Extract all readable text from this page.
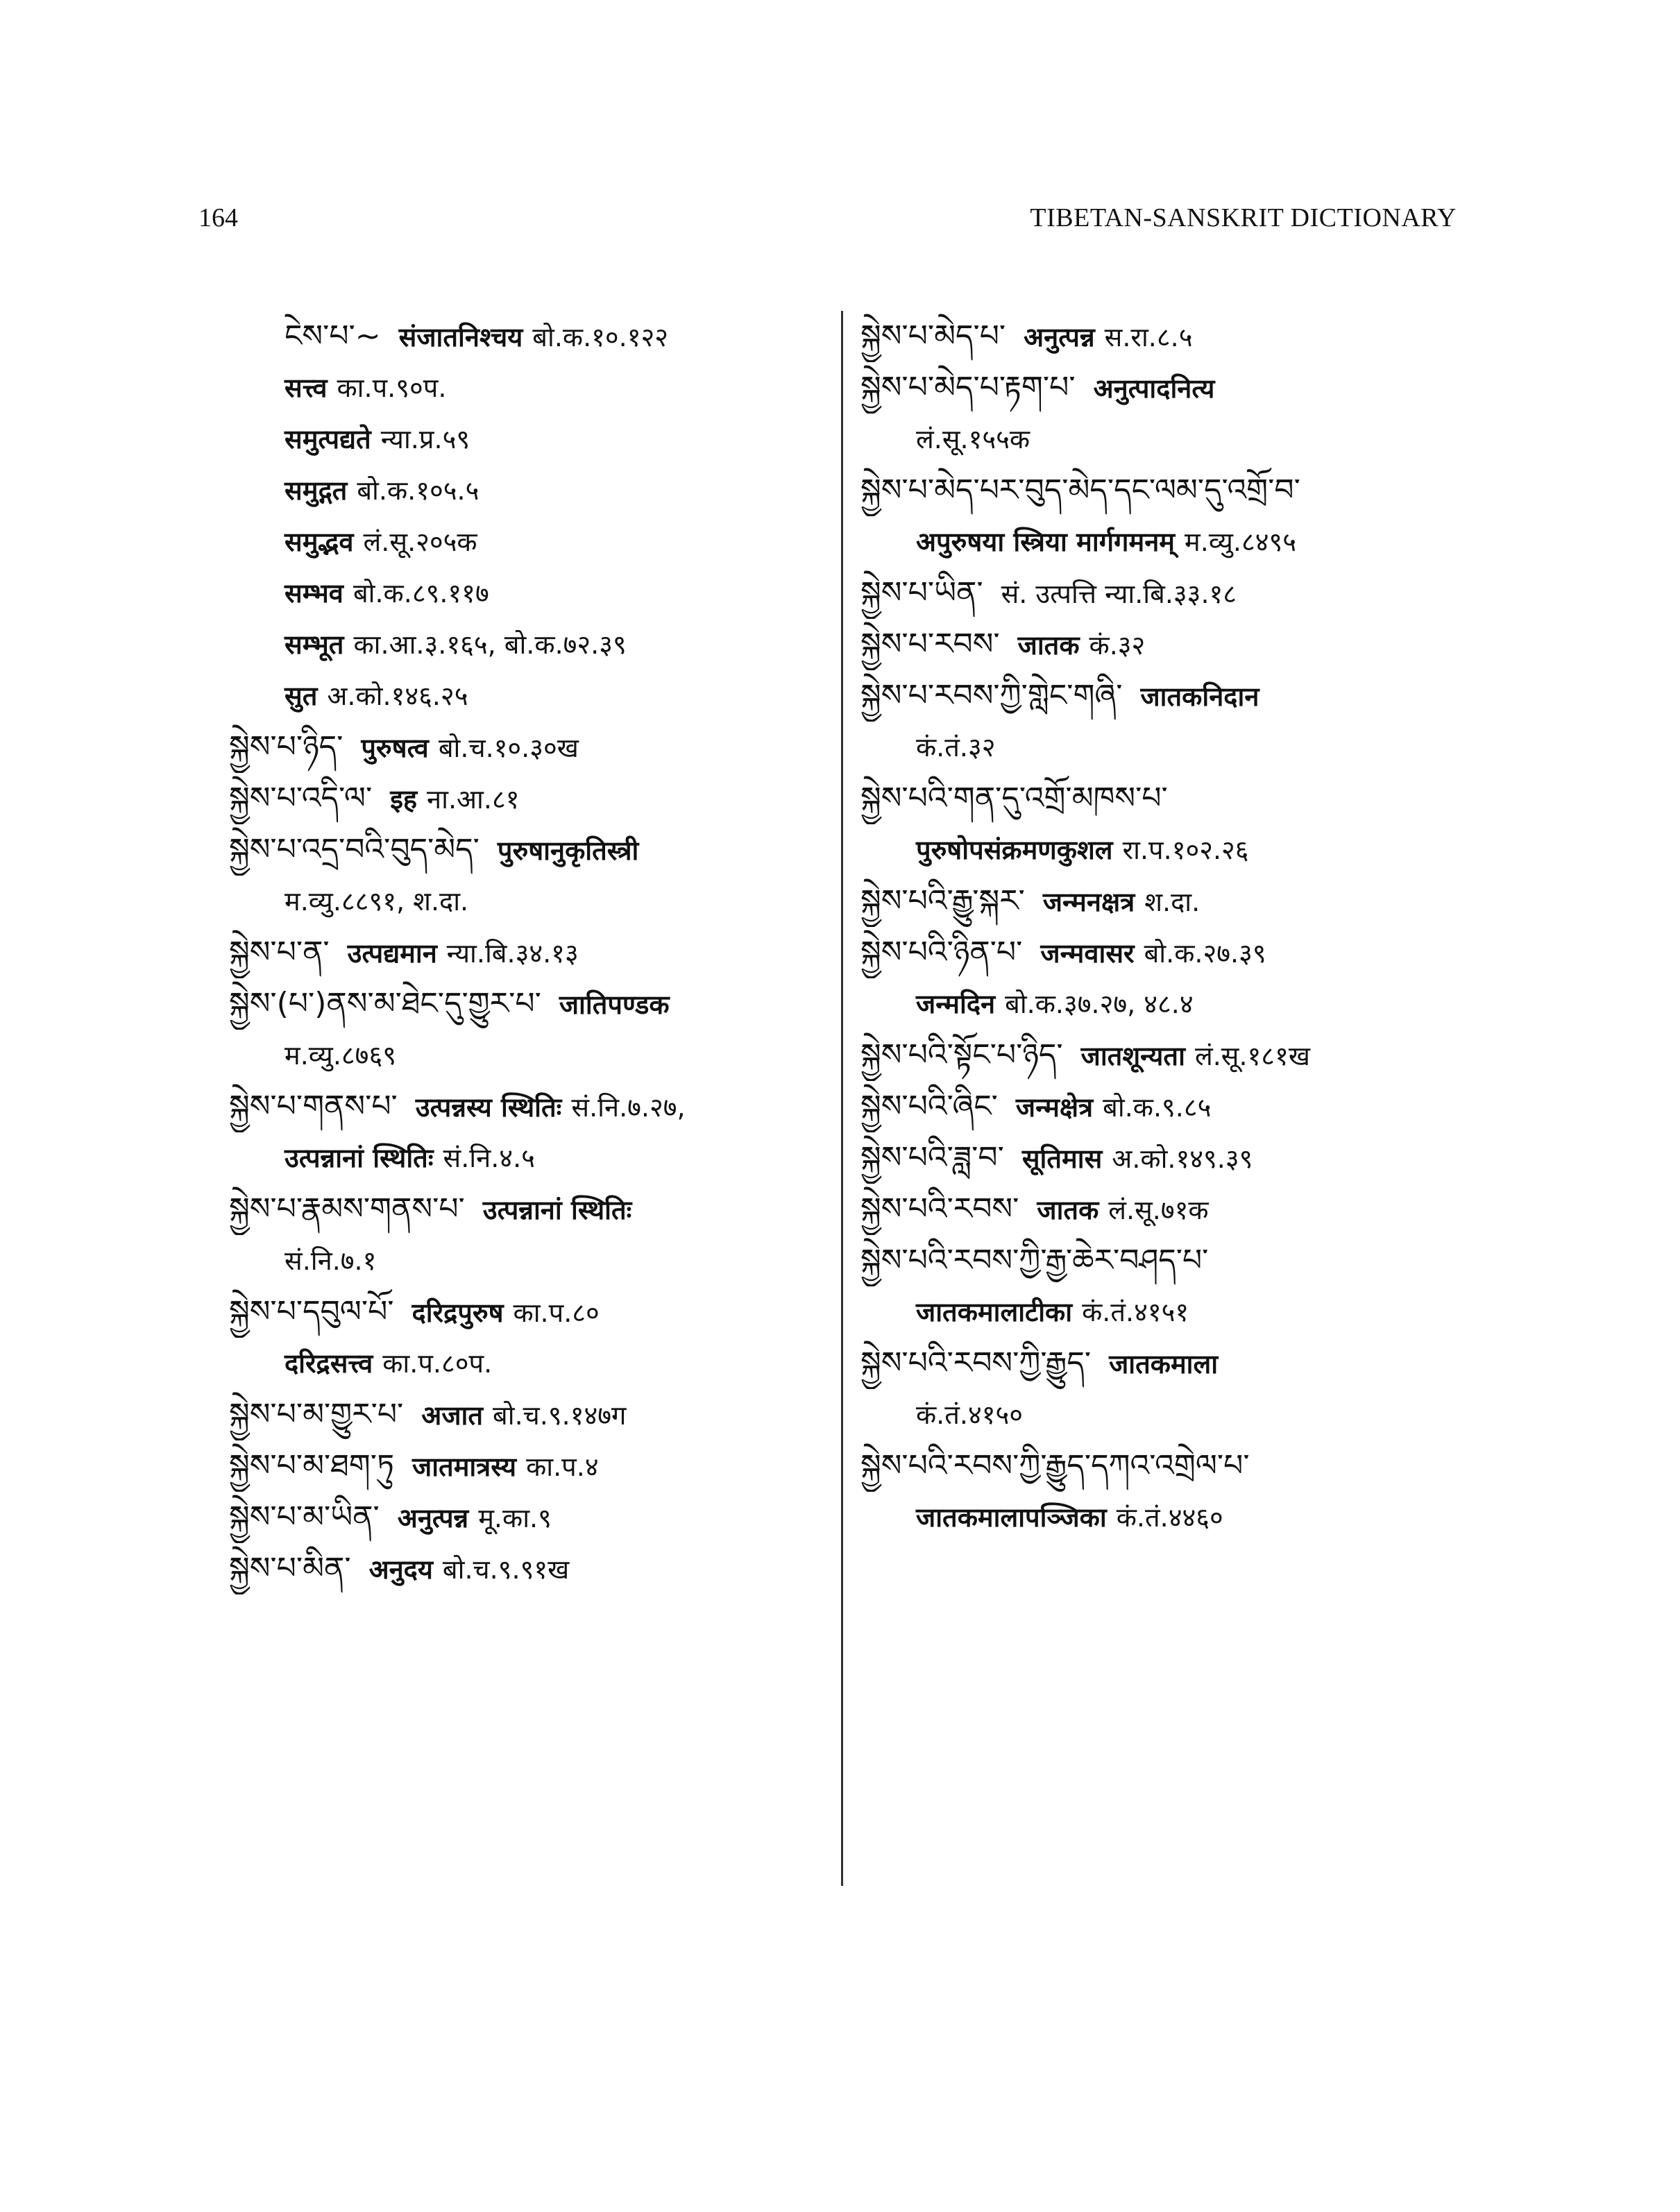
164	TIBETAN-SANSKRIT DICTIONARY
ངེས་པ་~ संजातनिश्चय बो.क.१०.१२२
सत्त्व का.प.९०प.
समुत्पद्यते न्या.प्र.५९
समुद्गत बो.क.१०५.५
समुद्भव लं.सू.२०५क
सम्भव बो.क.८९.११७
सम्भूत का.आ.३.१६५, बो.क.७२.३९
सुत अ.को.१४६.२५
སྐྱེས་པ་ཉིད་ पुरुषत्व बो.च.१०.३०ख
སྐྱེས་པ་འདི་ལ་ इह ना.आ.८१
སྐྱེས་པ་འདྲ་བའི་བུད་མེད་ पुरुषानुकृतिस्त्री
म.व्यु.८८९१, श.दा.
སྐྱེས་པ་ན་ उत्पद्यमान न्या.बि.३४.१३
སྐྱེས་(པ་)ནས་མ་ཐེང་དུ་གྱུར་པ་ जातिपण्डक
म.व्यु.८७६९
སྐྱེས་པ་གནས་པ་ उत्पन्नस्य स्थितिः सं.नि.७.२७,
उत्पन्नानां स्थितिः सं.नि.४.५
སྐྱེས་པ་རྣམས་གནས་པ་ उत्पन्नानां स्थितिः
सं.नि.७.१
སྐྱེས་པ་དབུལ་པོ་ दरिद्रपुरुष का.प.८०
दरिद्रसत्त्व का.प.८०प.
སྐྱེས་པ་མ་གྱུར་པ་ अजात बो.च.९.१४७ग
སྐྱེས་པ་མ་ཐག་ཏུ जातमात्रस्य का.प.४
སྐྱེས་པ་མ་ཡིན་ अनुत्पन्न मू.का.९
སྐྱེས་པ་མིན་ अनुदय बो.च.९.९१ख
སྐྱེས་པ་མེད་པ་ अनुत्पन्न स.रा.८.५
སྐྱེས་པ་མེད་པ་རྟག་པ་ अनुत्पादनित्य
लं.सू.१५५क
སྐྱེས་པ་མེད་པར་བུད་མེད་དང་ལམ་དུ་འགྲོ་བ་
अपुरुषया स्त्रिया मार्गगमनम् म.व्यु.८४९५
སྐྱེས་པ་ཡིན་ सं. उत्पत्ति न्या.बि.३३.१८
སྐྱེས་པ་རབས་ जातक कं.३२
སྐྱེས་པ་རབས་ཀྱི་གླེང་གཞི་ जातकनिदान
कं.तं.३२
སྐྱེས་པའི་གན་དུ་འགྲོ་མཁས་པ་
पुरुषोपसंक्रमणकुशल रा.प.१०२.२६
སྐྱེས་པའི་རྒྱུ་སྐར་ जन्मनक्षत्र श.दा.
སྐྱེས་པའི་ཉིན་པ་ जन्मवासर बो.क.२७.३९
जन्मदिन बो.क.३७.२७, ४८.४
སྐྱེས་པའི་སྟོང་པ་ཉིད་ जातशून्यता लं.सू.१८१ख
སྐྱེས་པའི་ཞིང་ जन्मक्षेत्र बो.क.९.८५
སྐྱེས་པའི་ཟླ་བ་ सूतिमास अ.को.१४९.३९
སྐྱེས་པའི་རབས་ जातक लं.सू.७१क
སྐྱེས་པའི་རབས་ཀྱི་རྒྱ་ཆེར་བཤད་པ་
जातकमालाटीका कं.तं.४१५१
སྐྱེས་པའི་རབས་ཀྱི་རྒྱུད་ जातकमाला
कं.तं.४१५०
སྐྱེས་པའི་རབས་ཀྱི་རྒྱུད་དཀའ་འགྲེལ་པ་
जातकमालापञ्जिका कं.तं.४४६०
